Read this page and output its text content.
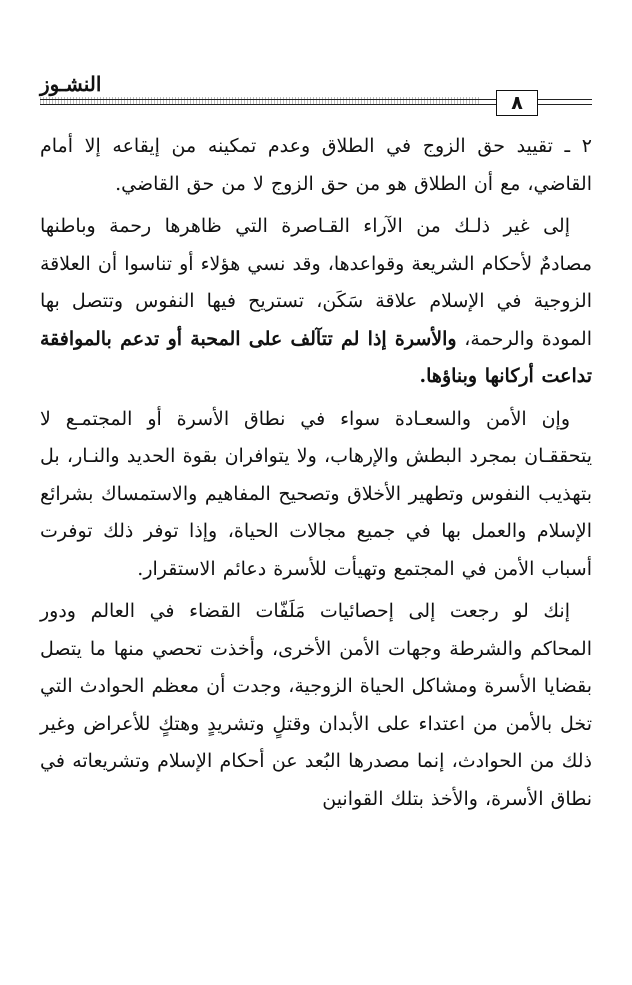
٨
النشـوز

٢ ـ تقييد حق الزوج في الطلاق وعدم تمكينه من إيقاعه إلا أمام القاضي، مع أن الطلاق هو من حق الزوج لا من حق القاضي.

إلى غير ذلـك من الآراء القـاصرة التي ظاهرها رحمة وباطنها مصادمٌ لأحكام الشريعة وقواعدها، وقد نسي هؤلاء أو تناسوا أن العلاقة الزوجية في الإسلام علاقة سَكَن، تستريح فيها النفوس وتتصل بها المودة والرحمة، والأسرة إذا لم تتآلف على المحبة أو تدعم بالموافقة تداعت أركانها وبناؤها.

وإن الأمن والسعـادة سواء في نطاق الأسرة أو المجتمـع لا يتحققـان بمجرد البطش والإرهاب، ولا يتوافران بقوة الحديد والنـار، بل بتهذيب النفوس وتطهير الأخلاق وتصحيح المفاهيم والاستمساك بشرائع الإسلام والعمل بها في جميع مجالات الحياة، وإذا توفر ذلك توفرت أسباب الأمن في المجتمع وتهيأت للأسرة دعائم الاستقرار.

إنك لو رجعت إلى إحصائيات مَلَفّات القضاء في العالم ودور المحاكم والشرطة وجهات الأمن الأخرى، وأخذت تحصي منها ما يتصل بقضايا الأسرة ومشاكل الحياة الزوجية، وجدت أن معظم الحوادث التي تخل بالأمن من اعتداء على الأبدان وقتلٍ وتشريدٍ وهتكٍ للأعراض وغير ذلك من الحوادث، إنما مصدرها البُعد عن أحكام الإسلام وتشريعاته في نطاق الأسرة، والأخذ بتلك القوانين
